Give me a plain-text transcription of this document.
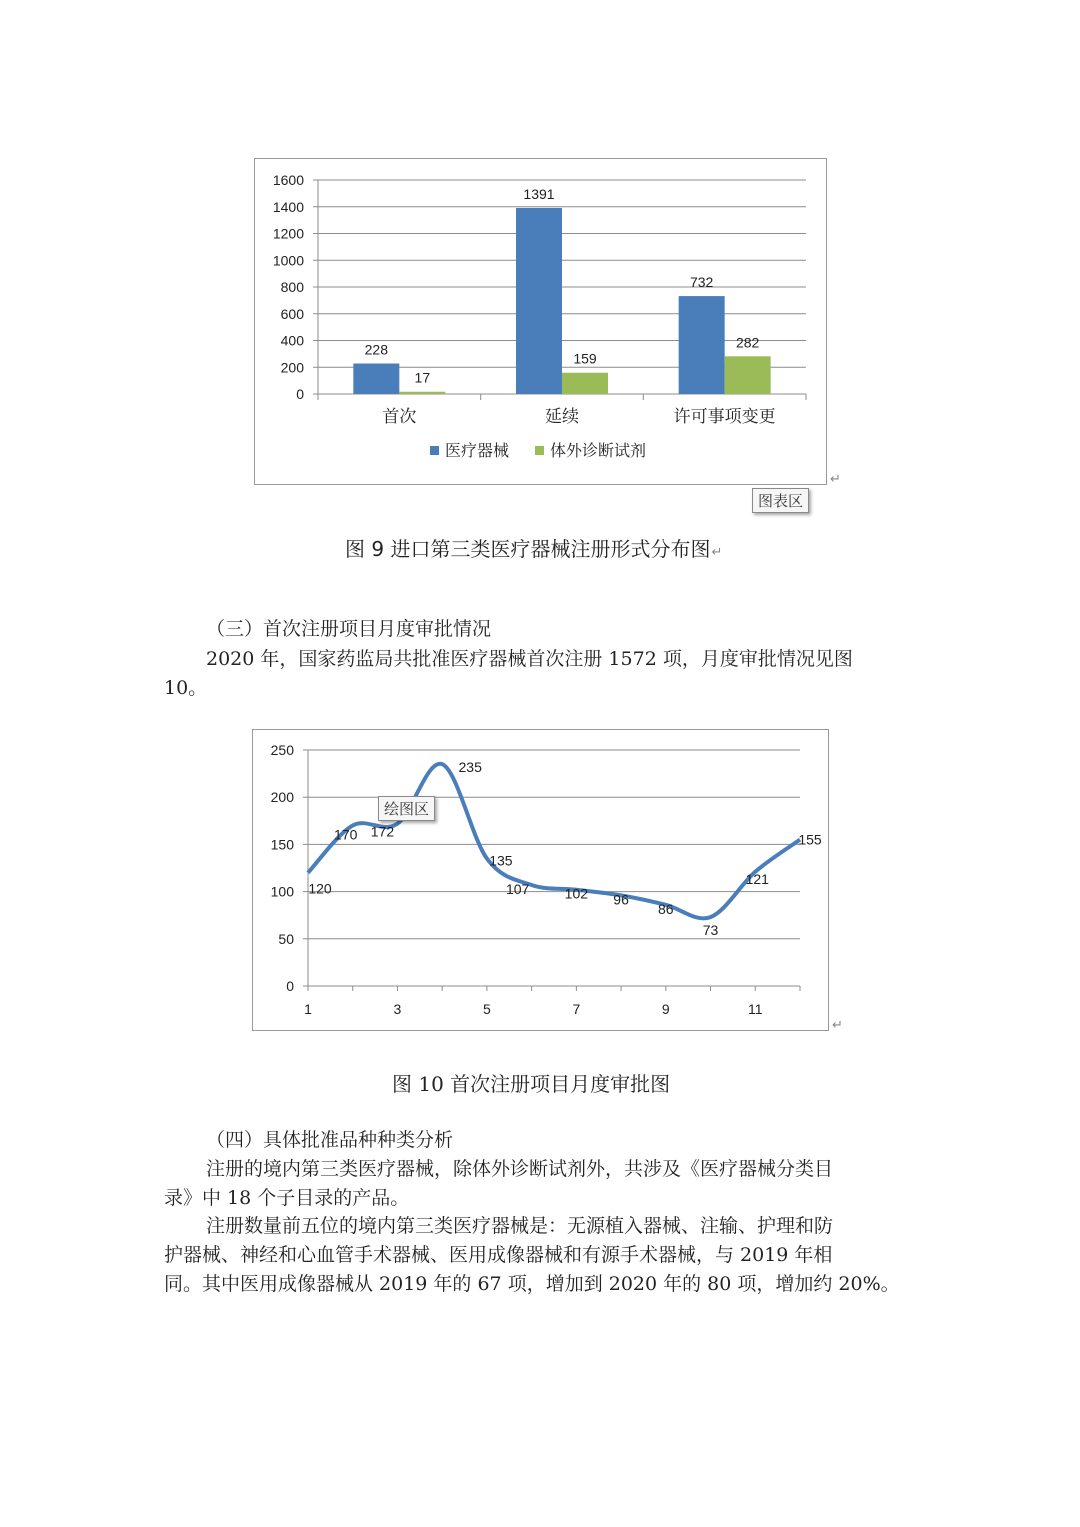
0
200
400
600
800
1000
1200
1400
1600
228
17
首次
1391
159
延续
732
282
许可事项变更
医疗器械	体外诊断试剂
↵
图表区
图 9 进口第三类医疗器械注册形式分布图↵
（三）首次注册项目月度审批情况
2020 年，国家药监局共批准医疗器械首次注册 1572 项，月度审批情况见图
10。
0
50
100
150
200
250
1	3	5	7	9	11
120
170 172
235
135
107	102 96
86
73
121
155
↵
绘图区
图 10 首次注册项目月度审批图
（四）具体批准品种种类分析
注册的境内第三类医疗器械，除体外诊断试剂外，共涉及《医疗器械分类目
录》中 18 个子目录的产品。
注册数量前五位的境内第三类医疗器械是：无源植入器械、注输、护理和防
护器械、神经和心血管手术器械、医用成像器械和有源手术器械，与 2019 年相
同。其中医用成像器械从 2019 年的 67 项，增加到 2020 年的 80 项，增加约 20%。
